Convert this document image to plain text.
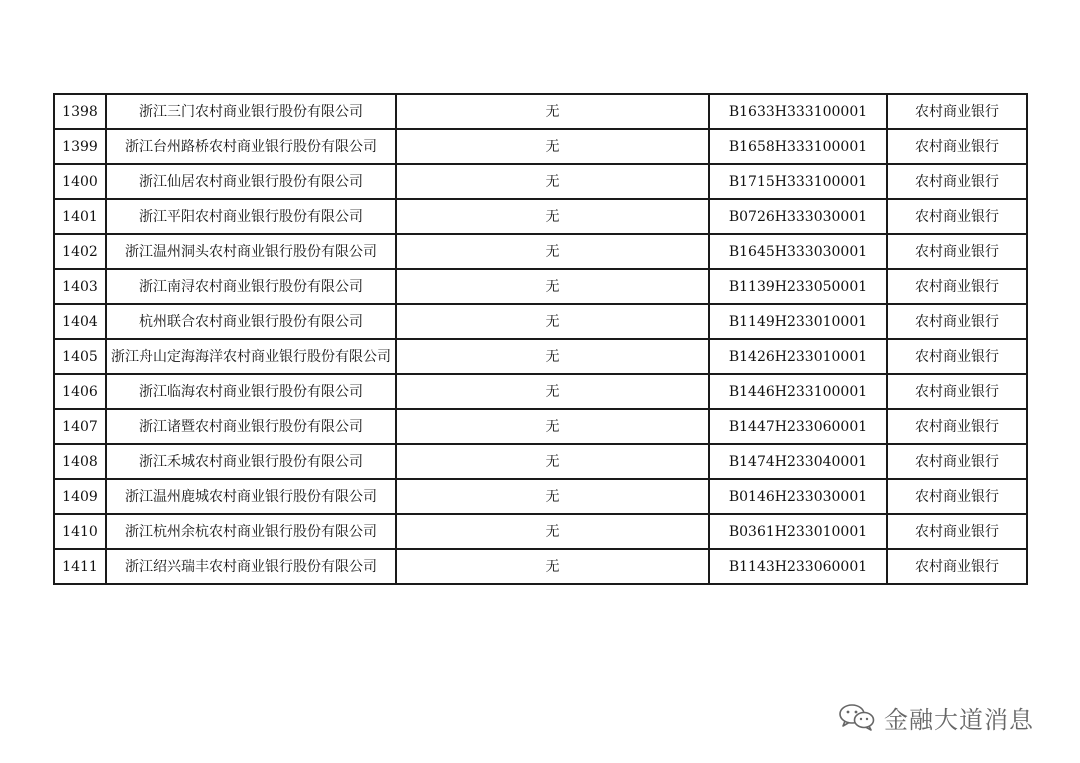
1398	浙江三门农村商业银行股份有限公司	无	B1633H333100001	农村商业银行
1399	浙江台州路桥农村商业银行股份有限公司	无	B1658H333100001	农村商业银行
1400	浙江仙居农村商业银行股份有限公司	无	B1715H333100001	农村商业银行
1401	浙江平阳农村商业银行股份有限公司	无	B0726H333030001	农村商业银行
1402	浙江温州洞头农村商业银行股份有限公司	无	B1645H333030001	农村商业银行
1403	浙江南浔农村商业银行股份有限公司	无	B1139H233050001	农村商业银行
1404	杭州联合农村商业银行股份有限公司	无	B1149H233010001	农村商业银行
1405	浙江舟山定海海洋农村商业银行股份有限公司	无	B1426H233010001	农村商业银行
1406	浙江临海农村商业银行股份有限公司	无	B1446H233100001	农村商业银行
1407	浙江诸暨农村商业银行股份有限公司	无	B1447H233060001	农村商业银行
1408	浙江禾城农村商业银行股份有限公司	无	B1474H233040001	农村商业银行
1409	浙江温州鹿城农村商业银行股份有限公司	无	B0146H233030001	农村商业银行
1410	浙江杭州余杭农村商业银行股份有限公司	无	B0361H233010001	农村商业银行
1411	浙江绍兴瑞丰农村商业银行股份有限公司	无	B1143H233060001	农村商业银行
金融大道消息
